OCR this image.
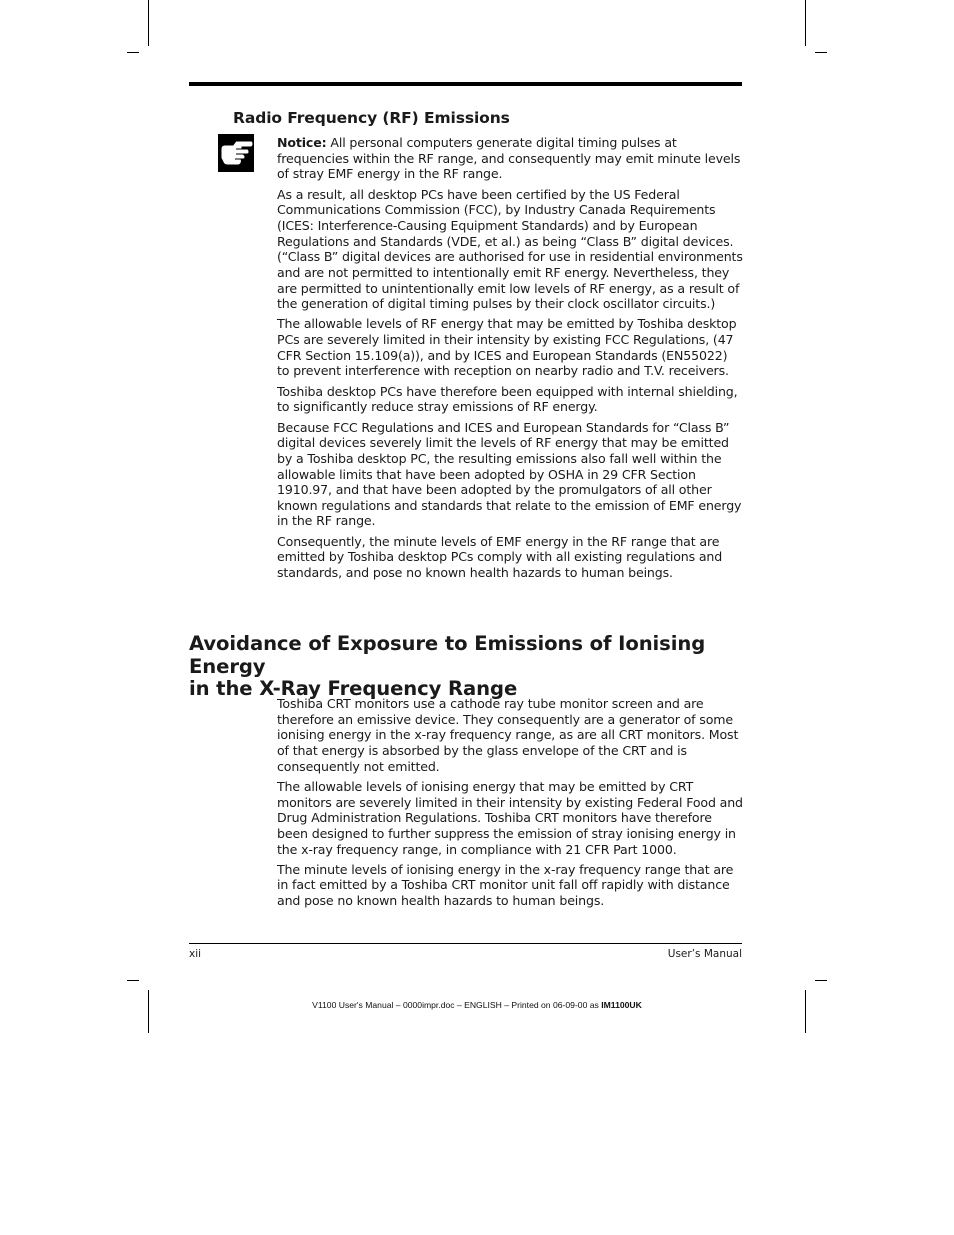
Radio Frequency (RF) Emissions

Notice: All personal computers generate digital timing pulses at frequencies within the RF range, and consequently may emit minute levels of stray EMF energy in the RF range.

As a result, all desktop PCs have been certified by the US Federal Communications Commission (FCC), by Industry Canada Requirements (ICES: Interference-Causing Equipment Standards) and by European Regulations and Standards (VDE, et al.) as being “Class B” digital devices. (“Class B” digital devices are authorised for use in residential environments and are not permitted to intentionally emit RF energy. Nevertheless, they are permitted to unintentionally emit low levels of RF energy, as a result of the generation of digital timing pulses by their clock oscillator circuits.)

The allowable levels of RF energy that may be emitted by Toshiba desktop PCs are severely limited in their intensity by existing FCC Regulations, (47 CFR Section 15.109(a)), and by ICES and European Standards (EN55022) to prevent interference with reception on nearby radio and T.V. receivers.

Toshiba desktop PCs have therefore been equipped with internal shielding, to significantly reduce stray emissions of RF energy.

Because FCC Regulations and ICES and European Standards for “Class B” digital devices severely limit the levels of RF energy that may be emitted by a Toshiba desktop PC, the resulting emissions also fall well within the allowable limits that have been adopted by OSHA in 29 CFR Section 1910.97, and that have been adopted by the promulgators of all other known regulations and standards that relate to the emission of EMF energy in the RF range.

Consequently, the minute levels of EMF energy in the RF range that are emitted by Toshiba desktop PCs comply with all existing regulations and standards, and pose no known health hazards to human beings.

Avoidance of Exposure to Emissions of Ionising Energy
in the X-Ray Frequency Range

Toshiba CRT monitors use a cathode ray tube monitor screen and are therefore an emissive device. They consequently are a generator of some ionising energy in the x-ray frequency range, as are all CRT monitors. Most of that energy is absorbed by the glass envelope of the CRT and is consequently not emitted.

The allowable levels of ionising energy that may be emitted by CRT monitors are severely limited in their intensity by existing Federal Food and Drug Administration Regulations. Toshiba CRT monitors have therefore been designed to further suppress the emission of stray ionising energy in the x-ray frequency range, in compliance with 21 CFR Part 1000.

The minute levels of ionising energy in the x-ray frequency range that are in fact emitted by a Toshiba CRT monitor unit fall off rapidly with distance and pose no known health hazards to human beings.

xii	User’s Manual
V1100 User's Manual – 0000impr.doc – ENGLISH – Printed on 06-09-00 as IM1100UK
